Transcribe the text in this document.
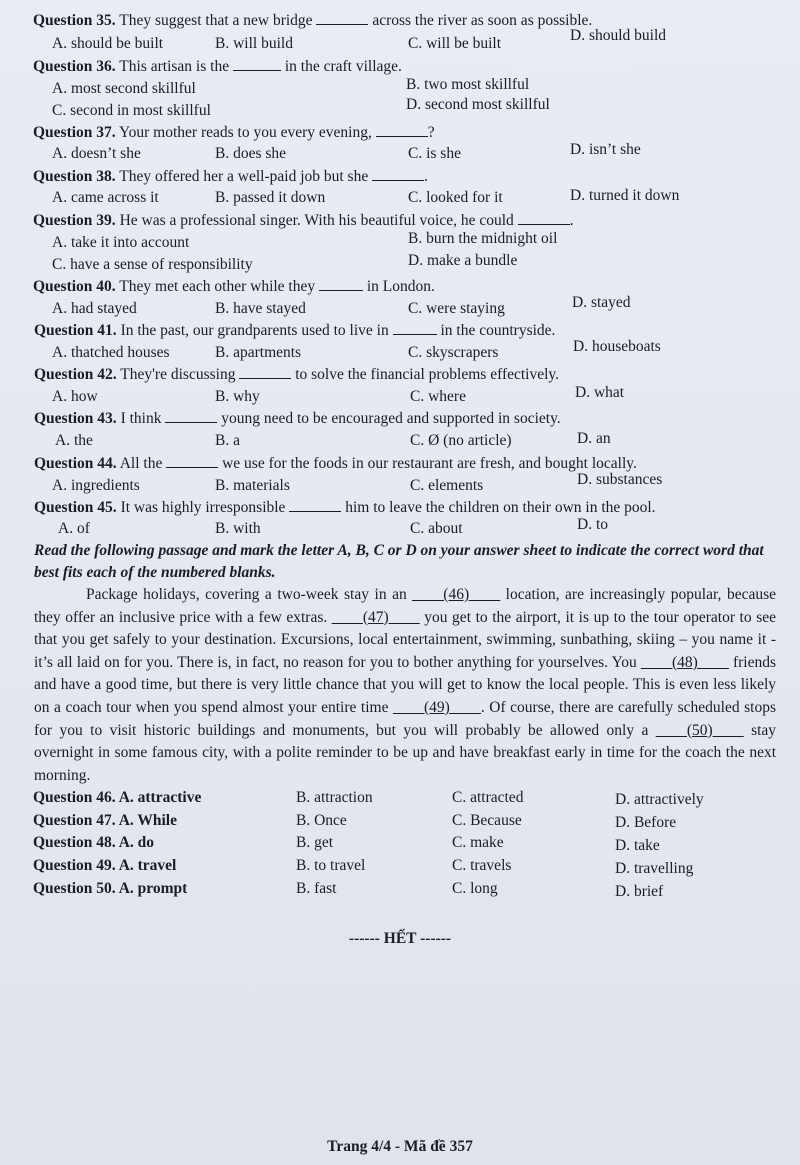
Question 35. They suggest that a new bridge	across the river as soon as possible.
A. should be built	B. will build	C. will be built	D. should build
Question 36. This artisan is the	in the craft village.
A. most second skillful	B. two most skillful
C. second in most skillful	D. second most skillful
Question 37. Your mother reads to you every evening,	?
A. doesn’t she	B. does she	C. is she	D. isn’t she
Question 38. They offered her a well-paid job but she	.
A. came across it	B. passed it down	C. looked for it	D. turned it down
Question 39. He was a professional singer. With his beautiful voice, he could	.
A. take it into account	B. burn the midnight oil
C. have a sense of responsibility	D. make a bundle
Question 40. They met each other while they	in London.
A. had stayed	B. have stayed	C. were staying	D. stayed
Question 41. In the past, our grandparents used to live in	in the countryside.
A. thatched houses	B. apartments	C. skyscrapers	D. houseboats
Question 42. They're discussing	to solve the financial problems effectively.
A. how	B. why	C. where	D. what
Question 43. I think	young need to be encouraged and supported in society.
A. the	B. a	C. Ø (no article)	D. an
Question 44. All the	we use for the foods in our restaurant are fresh, and bought locally.
A. ingredients	B. materials	C. elements	D. substances
Question 45. It was highly irresponsible	him to leave the children on their own in the pool.
A. of	B. with	C. about	D. to
Read the following passage and mark the letter A, B, C or D on your answer sheet to indicate the correct word that best fits each of the numbered blanks.

Package holidays, covering a two-week stay in an ____(46)____ location, are increasingly popular, because they offer an inclusive price with a few extras. ____(47)____ you get to the airport, it is up to the tour operator to see that you get safely to your destination. Excursions, local entertainment, swimming, sunbathing, skiing – you name it - it’s all laid on for you. There is, in fact, no reason for you to bother anything for yourselves. You ____(48)____ friends and have a good time, but there is very little chance that you will get to know the local people. This is even less likely on a coach tour when you spend almost your entire time ____(49)____. Of course, there are carefully scheduled stops for you to visit historic buildings and monuments, but you will probably be allowed only a ____(50)____ stay overnight in some famous city, with a polite reminder to be up and have breakfast early in time for the coach the next morning.

Question 46. A. attractive	B. attraction	C. attracted	D. attractively
Question 47. A. While	B. Once	C. Because	D. Before
Question 48. A. do	B. get	C. make	D. take
Question 49. A. travel	B. to travel	C. travels	D. travelling
Question 50. A. prompt	B. fast	C. long	D. brief
------ HẾT ------
Trang 4/4 - Mã đề 357
